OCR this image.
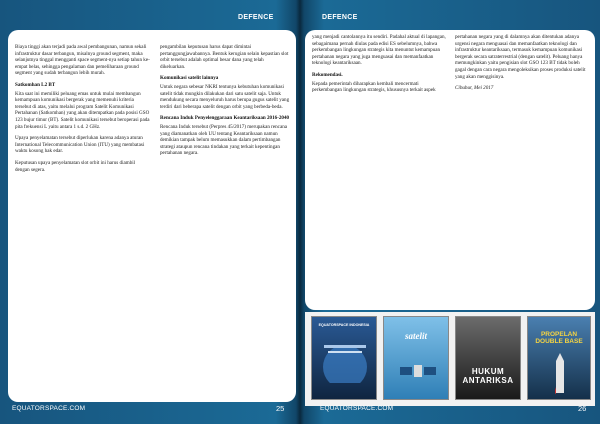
DEFENCE	DEFENCE

Biaya tinggi akan terjadi pada awal pembangunan, namun sekali infrastruktur dasar terbangun, misalnya ground segment, maka selanjutnya tinggal mengganti space segment-nya setiap tahun ke-empat belas, sehingga pengalaman dan pemeliharaan ground segment yang sudah terbangun lebih murah.

Satkomhan L2 BT

Kita saat ini memiliki peluang emas untuk mulai membangun kemampuan komunikasi bergerak yang memenuhi kriteria tersebut di atas, yaitu melalui program Satelit Komunikasi Pertahanan (Satkomhan) yang akan ditempatkan pada posisi GSO 123 bujur timur (BT). Satelit komunikasi tersebut beroperasi pada pita frekuensi L yaitu antara 1 s.d. 2 GHz.

Upaya penyelamatan tersebut diperlukan karena adanya aturan International Telecommunication Union (ITU) yang membatasi waktu kosong hak edar.

Keputusan upaya penyelamatan slot orbit ini harus diambil dengan segera.

pengambilan keputusan harus dapat dimintai pertanggungjawabannya. Bentuk kerugian selain kepastian slot orbit tersebut adalah optimal besar dana yang telah dikeluarkan.

Komunikasi satelit lainnya

Untuk negara sebesar NKRI tentunya kebutuhan komunikasi satelit tidak mungkin dilakukan dari satu satelit saja. Untuk mendukung secara menyeluruh harus berupa gugus satelit yang terdiri dari beberapa satelit dengan orbit yang berbeda-beda.

Rencana Induk Penyelenggaraan Keantariksaan 2016-2040

Rencana Induk tersebut (Perpres 45/2017) merupakan rencana yang diamanatkan oleh UU tentang Keantariksaan namun demikian tampak belum memasukkan dalam pertimbangan strategi ataupun rencana tindakan yang terkait kepentingan pertahanan negara.

yang menjadi cantolannya itu sendiri. Padahal aktual di lapangan, sebagaimana pernah diulas pada edisi ES sebelumnya, bahwa perkembangan lingkungan strategis kita menuntut kemampuan pertahanan negara yang juga menguasai dan memanfaatkan teknologi keantariksaan.

Rekomendasi.

Kepada pemerintah diharapkan kembali mencermati perkembangan lingkungan strategis, khususnya terkait aspek

pertahanan negara yang di dalamnya akan ditentukan adanya urgensi negara menguasai dan memanfaatkan teknologi dan infrastruktur keantariksaan, termasuk kemampuan komunikasi bergerak secara satraterrestrial (dengan satelit). Peluang hanya memungkinkan yaitu pengisian slot GSO 123 BT tidak boleh gagal dengan cara negara mengoleksikan proses produksi satelit yang akan menggisinya.

Cibubur, Mei 2017

EQUATORSPACE INDONESIA
satelit
HUKUM ANTARIKSA
PROPELAN DOUBLE BASE
EQUATORSPACE.COM	25	EQUATORSPACE.COM	26
